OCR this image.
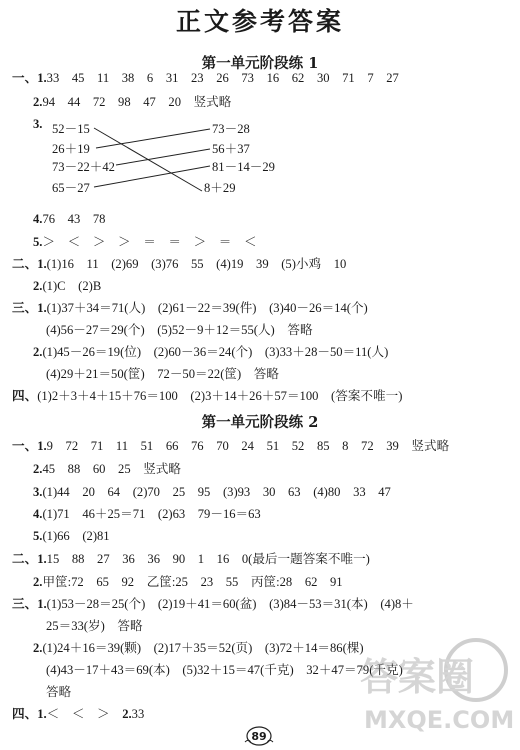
正文参考答案
第一单元阶段练 1
一、1.33　45　11　38　6　31　23　26　73　16　62　30　71　7　27
2.94　44　72　98　47　20　竖式略
3. 52－15
26＋19
73－22＋42
65－27
73－28
56＋37
81－14－29
8＋29
4.76　43　78
5.＞　＜　＞　＞　＝　＝　＞　＝　＜
二、1.(1)16　11　(2)69　(3)76　55　(4)19　39　(5)小鸡　10
2.(1)C　(2)B
三、1.(1)37＋34＝71(人)　(2)61－22＝39(件)　(3)40－26＝14(个)
(4)56－27＝29(个)　(5)52－9＋12＝55(人)　答略
2.(1)45－26＝19(位)　(2)60－36＝24(个)　(3)33＋28－50＝11(人)
(4)29＋21＝50(筐)　72－50＝22(筐)　答略
四、(1)2＋3＋4＋15＋76＝100　(2)3＋14＋26＋57＝100　(答案不唯一)
第一单元阶段练 2
一、1.9　72　71　11　51　66　76　70　24　51　52　85　8　72　39　竖式略
2.45　88　60　25　竖式略
3.(1)44　20　64　(2)70　25　95　(3)93　30　63　(4)80　33　47
4.(1)71　46＋25＝71　(2)63　79－16＝63
5.(1)66　(2)81
二、1.15　88　27　36　36　90　1　16　0(最后一题答案不唯一)
2.甲筐:72　65　92　乙筐:25　23　55　丙筐:28　62　91
三、1.(1)53－28＝25(个)　(2)19＋41＝60(盆)　(3)84－53＝31(本)　(4)8＋
25＝33(岁)　答略
2.(1)24＋16＝39(颗)　(2)17＋35＝52(页)　(3)72＋14＝86(棵)
(4)43－17＋43＝69(本)　(5)32＋15＝47(千克)　32＋47＝79(千克)
答略
四、1.＜　＜　＞　2.33
答案圈
MXQE.COM
89
